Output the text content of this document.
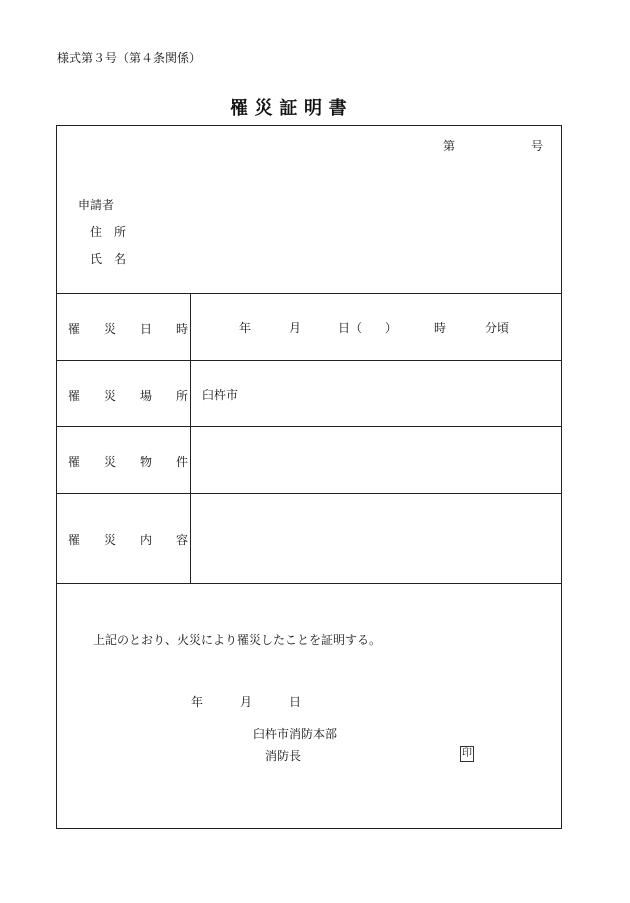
様式第３号（第４条関係）
罹 災 証 明 書
第	号
申請者
住　所
氏　名
罹　　災　　日　　時	年	月	日（ ）	時	分頃
罹　　災　　場　　所 臼杵市
罹　　災　　物　　件
罹　　災　　内　　容
上記のとおり、火災により罹災したことを証明する。
年	月	日
臼杵市消防本部
消防長	印
